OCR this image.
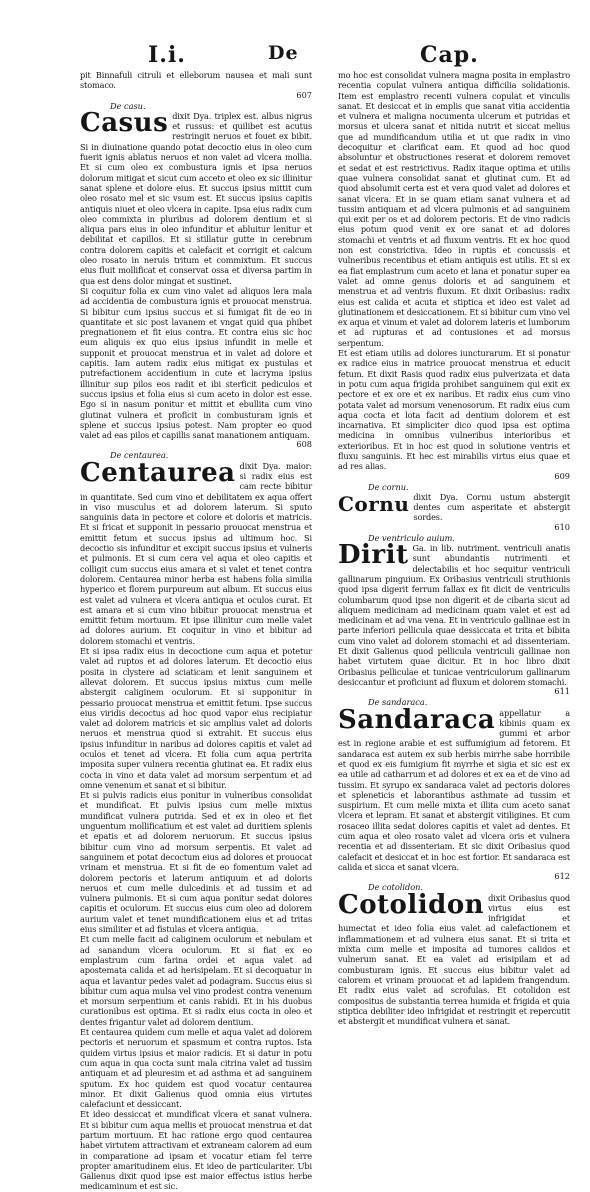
I.i.	De	Cap.
pit Binnafuli citruli et elleborum nausea et mali sunt stomaco.
607
De casu.
Casus dixit Dya. triplex est. albus nigrus et russus: et quilibet est acutus restringit neruos et fouet ex bibit. Si in diuinatione quando potat decoctio eius in oleo cum fuerit ignis ablatus neruos et non valet ad vlcera mollia. Et si cum oleo ex combustura ignis et ipsa neruos dolorum mitigat et sicut cum acceto et oleo ex sic illinitur sanat splene et dolore eius. Et succus ipsius mittit cum oleo rosato mel et sic vsum est. Et succus ipsius capitis antiquis niuet et oleo vlcera in capite. Ipsa eius radix cum oleo commixta in pluribus ad dolorem dentium et si aliqua pars eius in oleo infunditur et abluitur lenitur et debilitat et capillos. Et si stillatur gutte in cerebrum contra dolorem capitis et calefacit et corrigit et calcum oleo rosato in neruis tritum et commixtum. Et succus eius fluit mollificat et conservat ossa et diversa partim in qua est dens dolor mingat et sustinet.
Si coquitur folia ex cum vino valet ad aliquos lera mala ad accidentia de combustura ignis et prouocat menstrua. Si bibitur cum ipsius succus et si fumigat fit de eo in quantitate et sic post lavanem et vngat quid qua phibet pregnationem et fit eius contra. Et contra eius sic hoc eum aliquis ex quo eius ipsius infundit in melle et supponit et prouocat menstrua et in valet ad dolore et capitis. Iam autem radix eius mitigat ex pustulas et putrefactionem accidentium in cute et lacryma ipsius illinitur sup pilos eos radit et ibi sterficit pediculos et succus ipsius et folia eius si cum aceto in dolor est esse. Ego si in nasum ponitur et mittit et ebullita cum vino glutinat vulnera et proficit in combusturam ignis et splene et succus ipsius potest. Nam propter eo quod valet ad eas pilos et capillis sanat manationem antiquam.
608
De centaurea.
Centaurea dixit Dya. maior: si radix eius est cam recte bibitur in quantitate. Sed cum vino et debilitatem ex aqua offert in viso musculus et ad dolorem laterum. Si sputo sanguinis data in pectore et colore et doloris et matricis. Et si fricat et supponit in pessario prouocat menstrua et emittit fetum et succus ipsius ad ultimum hoc. Si decoctio sis infunditur et excipit succus ipsius et vulneris et pulmonis. Et si cum cera vel aqua et oleo capitis et colligit cum succus eius amara et si valet et tenet contra dolorem. Centaurea minor herba est habens folia similia hyperico et florem purpureum aut album. Et succus eius est valet ad vulnera et vlcera antiqua et oculos curat. Et est amara et si cum vino bibitur prouocat menstrua et emittit fetum mortuum. Et ipse illinitur cum melle valet ad dolores aurium. Et coquitur in vino et bibitur ad dolorem stomachi et ventris.
Et si ipsa radix eius in decoctione cum aqua et potetur valet ad ruptos et ad dolores laterum. Et decoctio eius posita in clystere ad sciaticam et lenit sanguinem et allevat dolorem. Et succus ipsius mixtus cum melle abstergit caliginem oculorum. Et si supponitur in pessario prouocat menstrua et emittit fetum. Ipse succus eius viridis decoctus ad hoc quod vapor eius recipiatur valet ad dolorem matricis et sic amplius valet ad doloris neruos et menstrua quod si extrahit. Et succus eius ipsius infunditur in naribus ad dolores capitis et valet ad oculos et tenet ad vlcera. Et folia cum aqua pertrita imposita super vulnera recentia glutinat ea. Et radix eius cocta in vino et data valet ad morsum serpentum et ad omne venenum et sanat et si bibitur.
Et si pulvis radicis eius ponitur in vulneribus consolidat et mundificat. Et pulvis ipsius cum melle mixtus mundificat vulnera putrida. Sed et ex in oleo et fiet unguentum mollificatium et est valet ad duritiem splenis et epatis et ad dolorem neruorum. Et succus ipsius bibitur cum vino ad morsum serpentis. Et valet ad sanguinem et potat decoctum eius ad dolores et prouocat vrinam et menstrua. Et si fit de eo fomentum valet ad dolorem pectoris et laterum antiquum et ad doloris neruos et cum melle dulcedinis et ad tussim et ad vulnera pulmonis. Et si cum aqua ponitur sedat dolores capitis et oculorum. Et succus eius cum oleo ad dolorem aurium valet et tenet mundificationem eius et ad tritas eius similiter et ad fistulas et vlcera antiqua.
Et cum melle facit ad caliginem oculorum et nebulam et ad sanandum vlcera oculorum. Et si fiat ex eo emplastrum cum farina ordei et aqua valet ad apostemata calida et ad herisipelam. Et si decoquatur in aqua et lavantur pedes valet ad podagram. Succus eius si bibitur cum aqua mulsa vel vino prodest contra venenum et morsum serpentium et canis rabidi. Et in his duobus curationibus est optima. Et si radix eius cocta in oleo et dentes frigantur valet ad dolorem dentium.
Et centaurea quidem cum melle et aqua valet ad dolorem pectoris et neruorum et spasmum et contra ruptos. Ista quidem virtus ipsius et maior radicis. Et si datur in potu cum aqua in qua cocta sunt mala citrina valet ad tussim antiquam et ad pleuresim et ad asthma et ad sanguinem sputum. Ex hoc quidem est quod vocatur centaurea minor. Et dixit Galienus quod omnia eius virtutes calefaciunt et dessiccant.
Et ideo dessiccat et mundificat vlcera et sanat vulnera. Et si bibitur cum aqua mellis et prouocat menstrua et dat partum mortuum. Et hac ratione ergo quod centaurea habet virtutem attractivam et extraneam calorem ad eum in comparatione ad ipsam et vocatur etiam fel terre propter amaritudinem eius. Et ideo de particulariter. Ubi Galienus dixit quod ipse est maior effectus istius herbe medicaminum et est sic.
mo hoc est consolidat vulnera magna posita in emplastro recentia copulat vulnera antiqua difficilia solidationis. Item est emplastro recenti vulnera copulat et vinculis sanat. Et desiccat et in emplis que sanat vitia accidentia et vulnera et maligna nocumenta ulcerum et putridas et morsus et ulcera sanat et nitida nutrit et siccat melius que ad mundificandum utilia et ut que radix in vino decoquitur et clarificat eam. Et quod ad hoc quod absoluntur et obstructiones reserat et dolorem removet et sedat et est restrictivus. Radix itaque optima et utilis quae vulnera consolidat sanat et glutinat cum. Et ad quod absolumit certa est et vera quod valet ad dolores et sanat vlcera. Et in se quam etiam sanat vulnera et ad tussim antiquam et ad vlcera pulmonis et ad sanguinem qui exit per os et ad dolorem pectoris. Et de vino radicis eius potum quod venit ex ore sanat et ad dolores stomachi et ventris et ad fluxum ventris. Et ex hoc quod non est constrictiva. Ideo in ruptis et concussis et vulneribus recentibus et etiam antiquis est utilis. Et si ex ea fiat emplastrum cum aceto et lana et ponatur super ea valet ad omne genus doloris et ad sanguinem et menstrua et ad ventris fluxum. Et dixit Oribasius: radix eius est calida et acuta et stiptica et ideo est valet ad glutinationem et desiccationem. Et si bibitur cum vino vel ex aqua et vinum et valet ad dolorem lateris et lumborum et ad rupturas et ad contusiones et ad morsus serpentum.
Et est etiam utilis ad dolores iuncturarum. Et si ponatur ex radice eius in matrice prouocat menstrua et educit fetum. Et dixit Rasis quod radix eius pulverizata et data in potu cum aqua frigida prohibet sanguinem qui exit ex pectore et ex ore et ex naribus. Et radix eius cum vino potata valet ad morsum venenosorum. Et radix eius cum aqua cocta et lota facit ad dentium dolorem et est incarnativa. Et simpliciter dico quod ipsa est optima medicina in omnibus vulneribus interioribus et exterioribus. Et in hoc est quod in solutione ventris et fluxu sanguinis. Et hec est mirabilis virtus eius quae et ad res alias.
609
De cornu.
Cornu dixit Dya. Cornu ustum abstergit dentes cum asperitate et abstergit sordes.
610
De ventriculo auium.
Dirit Ga. in lib. nutriment. ventriculi anatis sunt abundantis nutrimenti et delectabilis et hoc sequitur ventriculi gallinarum pinguium. Ex Oribasius ventriculi struthionis quod ipsa digerit ferrum fallax ex fit dicit de ventriculis columbarum quod ipse non digerit et de cibaria sicut ad aliquem medicinam ad medicinam quam valet et est ad medicinam et ad vna vena. Et in ventriculo gallinae est in parte inferiori pellicula quae dessiccata et trita et bibita cum vino valet ad dolorem stomachi et ad dissenteriam. Et dixit Galienus quod pellicula ventriculi gallinae non habet virtutem quae dicitur. Et in hoc libro dixit Oribasius pelliculae et tunicae ventriculorum gallinarum desiccantur et proficiunt ad fluxum et dolorem stomachi.
611
De sandaraca.
Sandaraca appellatur a kibinis quam ex gummi et arbor est in regione arabie et est suffumigium ad fetorem. Et sandaraca est autem ex sub herbis mirrhe sabe horribile et quod ex eis fumigium fit myrrhe et sigia et sic est ex ea utile ad catharrum et ad dolores et ex ea et de vino ad tussim. Et syrupo ex sandaraca valet ad pectoris dolores et spleneticis et laborantibus asthmate ad tussim et suspirium. Et cum melle mixta et illita cum aceto sanat vlcera et lepram. Et sanat et abstergit vitiligines. Et cum rosaceo illita sedat dolores capitis et valet ad dentes. Et cum aqua et oleo rosato valet ad vlcera oris et vulnera recentia et ad dissenteriam. Et sic dixit Oribasius quod calefacit et desiccat et in hoc est fortior. Et sandaraca est calida et sicca et sanat vlcera.
612
De cotolidon.
Cotolidon dixit Oribasius quod virtus eius est infrigidat et humectat et ideo folia eius valet ad calefactionem et inflammationem et ad vulnera eius sanat. Et si trita et mixta cum melle et imposita ad tumores calidos et vulnerum sanat. Et ea valet ad erisipilam et ad combusturam ignis. Et succus eius bibitur valet ad calorem et vrinam prouocat et ad lapidem frangendum. Et radix eius valet ad scrofulas. Et cotolidon est compositus de substantia terrea humida et frigida et quia stiptica debiliter ideo infrigidat et restringit et repercutit et abstergit et mundificat vulnera et sanat.
